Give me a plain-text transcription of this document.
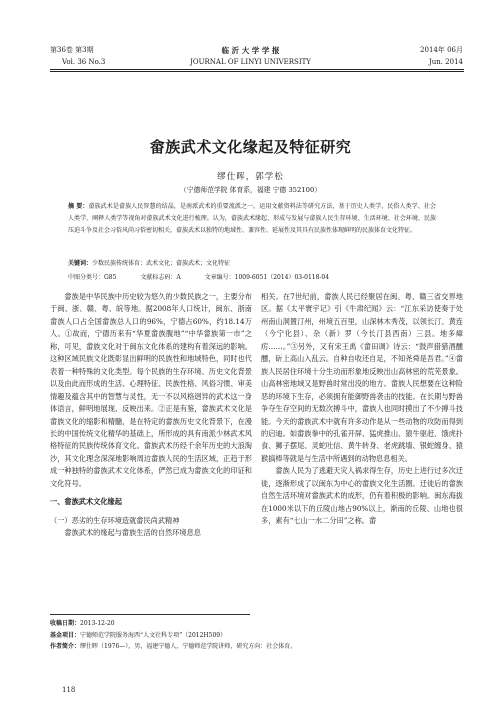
第36卷 第3期	临 沂 大 学 学 报	2014年 06月
Vol. 36 No.3	JOURNAL OF LINYI UNIVERSITY	Jun. 2014
畲族武术文化缘起及特征研究
缪仕晖，郭学松
（宁德师范学院 体育系，福建 宁德 352100）
摘 要：畲族武术是畲族人民智慧的结晶，是南派武术的重要流派之一。运用文献资料法等研究方法，基于历史人类学、民俗人类学、社会人类学、阐释人类学等视角对畲族武术文化进行梳理。认为，畲族武术缘起、形成与发展与畲族人民生存环境、生活环境、社会环境、民族压迫斗争及社会习俗风尚习俗密切相关。畲族武术以独特的地域性、兼容性、延展性及其具有民族性体现鲜明的民族体育文化特征。
关键词：少数民族传统体育；武术文化；畲族武术；文化特征
中图分类号：G85	文献标志码：A	文章编号：1009-6051（2014）03-0118-04

畲族是中华民族中历史较为悠久的少数民族之一，主要分布于闽、浙、赣、粤、皖等地。据2008年人口统计，闽东、浙南畲族人口占全国畲族总人口的96%，宁德占60%，约18.14万人。①故而，宁德历来有“华夏畲族腹地”“中华畲族第一市”之称，可见，畲族文化对于闽东文化体系的建构有着深远的影响。这种区域民族文化既彰显出鲜明的民族性和地域特色，同时也代表着一种特殊的文化类型。每个民族的生存环境、历史文化背景以及由此而形成的生活、心理特征、民族性格、风俗习惯、审美情趣及蕴含其中的智慧与灵性，无一不以风格迥异的武术这一身体语言，鲜明地展现、反映出来。②正是有鉴，畲族武术文化是畲族文化的缩影和精髓，是在特定的畲族历史文化背景下，在漫长的中国传统文化精华的基础上，所形成的具有南派少林武术风格特征的民族传统体育文化。畲族武术历经千余年历史的大浪淘沙，其文化理念深深地影响周边畲族人民的生活区域，正趋于形成一种独特的畲族武术文化体系，俨然已成为畲族文化的印证和文化符号。

一、畲族武术文化缘起

（一）恶劣的生存环境造就畲民尚武精神

畲族武术的缘起与畲族生活的自然环境息息

相关。在7世纪前，畲族人民已经聚居在闽、粤、赣三省交界地区。据《太平寰宇记》引《牛肃纪闻》云：“江东采访使奏于处州南山洞置汀州，州境五百里，山深林木秀茂，以领长汀、黄连（今宁化县）、杂（新）罗（今长汀县西南）三县。地多瘴疠……。”③另外，又有宋王禹《畲田调》诗云：“鼓声猎猎酒醺醺，斫上高山入乱云。自种自收还自足，不知尧舜是吾君。”④畲族人民居住环境十分生动而形象地反映出山高林密的荒芜景象。山高林密地域又是野兽时常出没的地方。畲族人民想要在这种险恶的环境下生存，必须拥有能御野兽袭击的技能。在长期与野兽争夺生存空间的无数次搏斗中，畲族人也同时摸出了不少搏斗技能。今天的畲族武术中就有许多动作是从一些动物的攻防而得到的启迪。如畲族拳中的孔雀开屏、猛虎推山、猿牛驱赶、饿虎扑食、狮子摆尾、灵蛇吐信、黄牛转身、老虎跳墙、银蛇缠身、猿猴搞棒等就是与生活中所遇到的动物息息相关。

畲族人民为了逃避天灾人祸求得生存，历史上进行过多次迁徙，逐渐形成了以闽东为中心的畲族文化生活圈。迁徙后的畲族自然生活环境对畲族武术的成形，仍有着积极的影响。闽东海拔在1000米以下的丘陵山地占90%以上，渐南的丘陵、山地也很多，素有“七山一水二分田”之称。畲

收稿日期：2013-12-20
基金项目：宁德师范学院服务海西“人文社科专项”（2012H509）
作者简介：缪仕晖（1976—），男，福建宁德人，宁德师范学院讲师，研究方向：社会体育。
118
